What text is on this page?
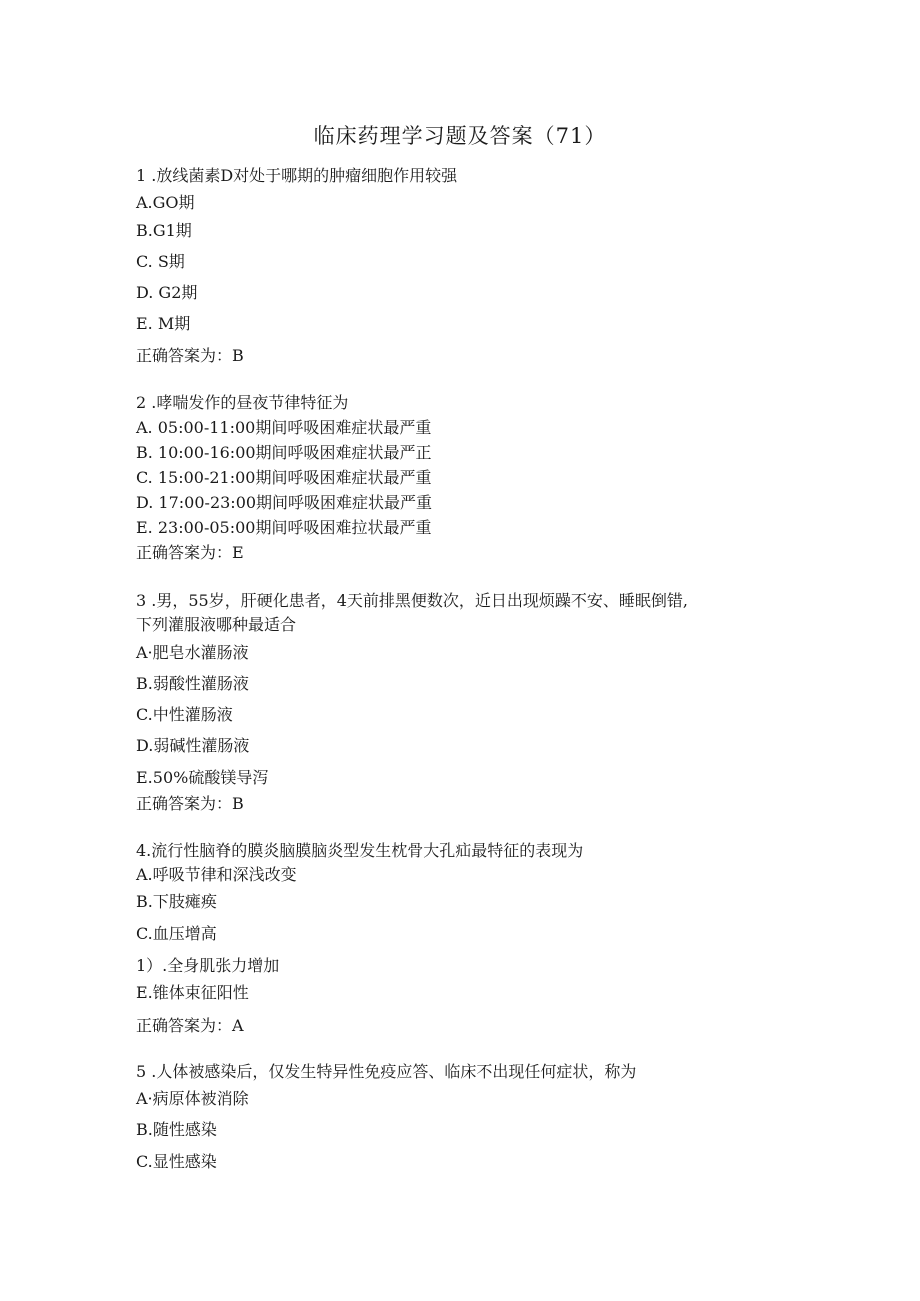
临床药理学习题及答案（71）
1 .放线菌素D对处于哪期的肿瘤细胞作用较强
A.GO期
B.G1期
C. S期
D. G2期
E. M期
正确答案为：B
2 .哮喘发作的昼夜节律特征为
A. 05:00-11:00期间呼吸困难症状最严重
B. 10:00-16:00期间呼吸困难症状最严正
C. 15:00-21:00期间呼吸困难症状最严重
D. 17:00-23:00期间呼吸困难症状最严重
E. 23:00-05:00期间呼吸困难拉状最严重
正确答案为：E
3 .男，55岁，肝硬化患者，4天前排黑便数次，近日出现烦躁不安、睡眠倒错,
下列灌服液哪种最适合
A·肥皂水灌肠液
B.弱酸性灌肠液
C.中性灌肠液
D.弱碱性灌肠液
E.50%硫酸镁导泻
正确答案为：B
4.流行性脑脊的膜炎脑膜脑炎型发生枕骨大孔疝最特征的表现为
A.呼吸节律和深浅改变
B.下肢瘫痪
C.血压增高
1）.全身肌张力增加
E.锥体束征阳性
正确答案为：A
5 .人体被感染后，仅发生特异性免疫应答、临床不出现任何症状，称为
A·病原体被消除
B.随性感染
C.显性感染
